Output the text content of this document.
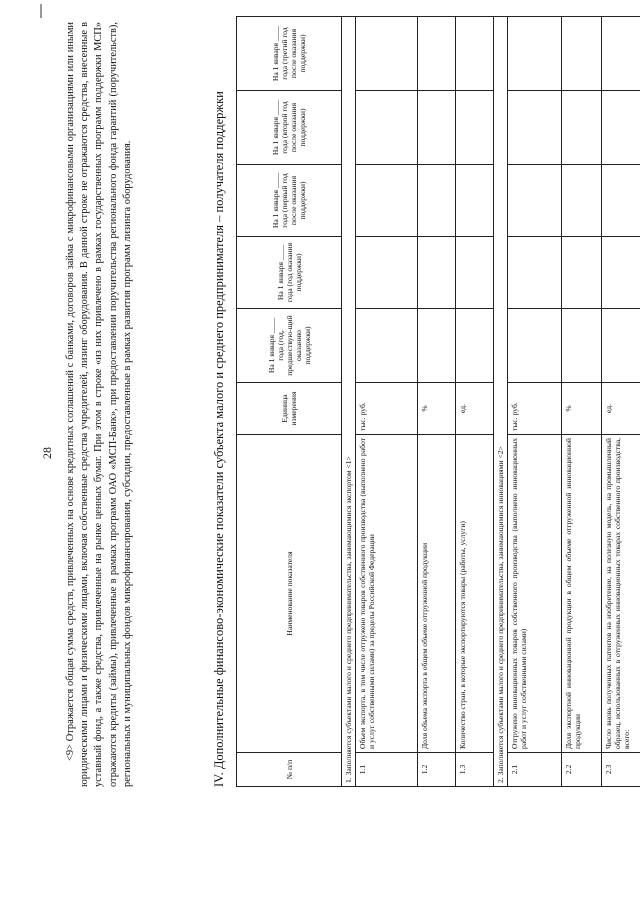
28 <9> Отражается общая сумма средств, привлеченных на основе кредитных соглашений с банками, договоров займа с микрофинансовыми организациями или иными юридическими лицами и физическими лицами, включая собственные средства учредителей, лизинг оборудования. В данной строке не отражаются средства, внесенные в уставный фонд, а также средства, привлеченные на рынке ценных бумаг. При этом в строке «из них привлечено в рамках государственных программ поддержки МСП» отражаются кредиты (займы), привлеченные в рамках программ ОАО «МСП-Банк», при предоставлении поручительства регионального фонда гарантий (поручительств), региональных и муниципальных фондов микрофинансирования, субсидии, предоставленные в рамках развития программ лизинга оборудования.	IV. Дополнительные финансово-экономические показатели субъекта малого и среднего предпринимателя – получателя поддержки	№ п/п	Наименование показателя	Единица измерения	На 1 января ____ года (год, предшествую-щий оказанию поддержки)	На 1 января ____ года (год оказания поддержки)	На 1 января ____ года (первый год после оказания поддержки)	На 1 января ____ года (второй год после оказания поддержки)	На 1 января ____ года (третий год после оказания поддержки)
1. Заполняется субъектами малого и среднего предпринимательства, занимающимися экспортом <1>							
1.1	Объем экспорта, в том числе отгружено товаров собственного производства (выполнено работ и услуг собственными силами) за пределы Российской Федерации	тыс. руб.					
1.2	Доля объема экспорта в общем объеме отгруженной продукции	%					
1.3	Количество стран, в которые экспортируются товары (работы, услуги)	ед.					
2. Заполняется субъектами малого и среднего предпринимательства, занимающимися инновациями <2>							
2.1	Отгружено инновационных товаров собственного производства (выполнено инновационных работ и услуг собственными силами)	тыс. руб.					
2.2	Доля экспортной инновационной продукции в общем объеме отгруженной инновационной продукции	%					
2.3	Число вновь полученных патентов на изобретение, на полезную модель, на промышленный образец, использованных в отгруженных инновационных товарах собственного производства, всего:	ед.					
